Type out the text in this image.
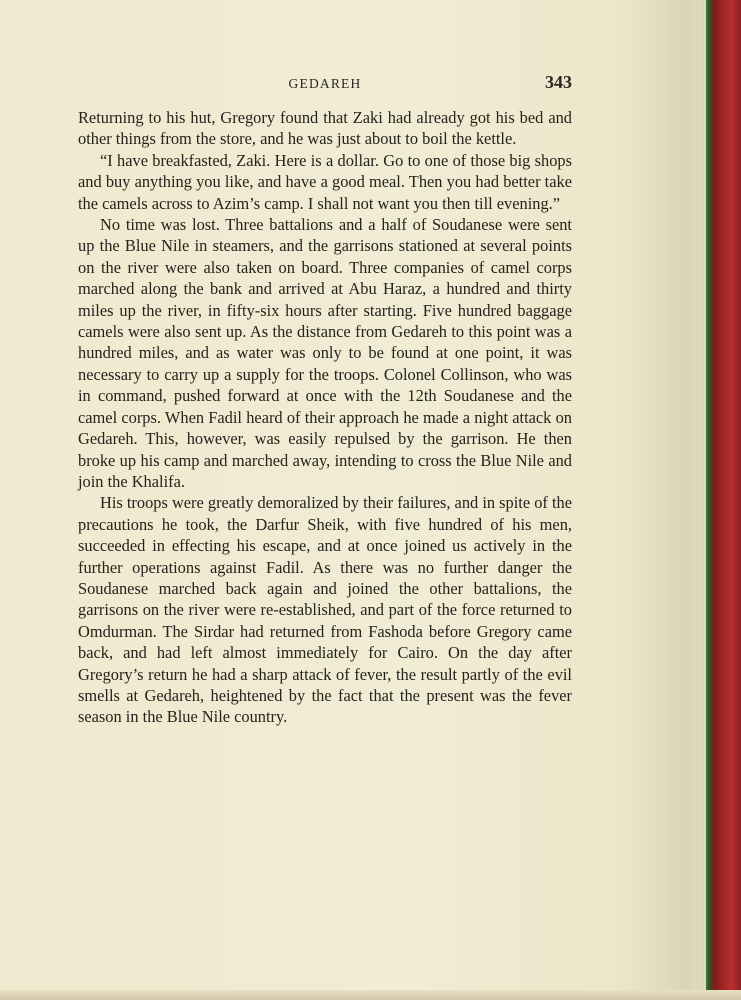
GEDAREH	343

Returning to his hut, Gregory found that Zaki had already got his bed and other things from the store, and he was just about to boil the kettle.

“I have breakfasted, Zaki. Here is a dollar. Go to one of those big shops and buy anything you like, and have a good meal. Then you had better take the camels across to Azim’s camp. I shall not want you then till evening.”

No time was lost. Three battalions and a half of Soudanese were sent up the Blue Nile in steamers, and the garrisons stationed at several points on the river were also taken on board. Three companies of camel corps marched along the bank and arrived at Abu Haraz, a hundred and thirty miles up the river, in fifty-six hours after starting. Five hundred baggage camels were also sent up. As the distance from Gedareh to this point was a hundred miles, and as water was only to be found at one point, it was necessary to carry up a supply for the troops. Colonel Collinson, who was in command, pushed forward at once with the 12th Soudanese and the camel corps. When Fadil heard of their approach he made a night attack on Gedareh. This, however, was easily repulsed by the garrison. He then broke up his camp and marched away, intending to cross the Blue Nile and join the Khalifa.

His troops were greatly demoralized by their failures, and in spite of the precautions he took, the Darfur Sheik, with five hundred of his men, succeeded in effecting his escape, and at once joined us actively in the further operations against Fadil. As there was no further danger the Soudanese marched back again and joined the other battalions, the garrisons on the river were re-established, and part of the force returned to Omdurman. The Sirdar had returned from Fashoda before Gregory came back, and had left almost immediately for Cairo. On the day after Gregory’s return he had a sharp attack of fever, the result partly of the evil smells at Gedareh, heightened by the fact that the present was the fever season in the Blue Nile country.
